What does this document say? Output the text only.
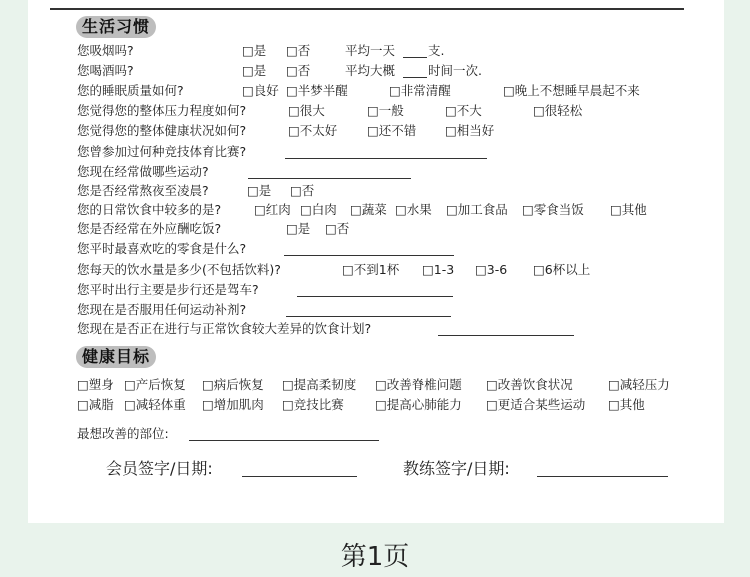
生活习惯
您吸烟吗?	□是 □否	平均一天	支.
您喝酒吗?	□是 □否	平均大概	时间一次.
您的睡眠质量如何?	□良好 □半梦半醒	□非常清醒	□晚上不想睡早晨起不来
您觉得您的整体压力程度如何?	□很大	□一般	□不大	□很轻松
您觉得您的整体健康状况如何?	□不太好 □还不错 □相当好
您曾参加过何种竞技体育比赛?
您现在经常做哪些运动?
您是否经常熬夜至凌晨?	□是 □否
您的日常饮食中较多的是?	□红肉 □白肉 □蔬菜 □水果 □加工食品 □零食当饭 □其他
您是否经常在外应酬吃饭?	□是 □否
您平时最喜欢吃的零食是什么?
您每天的饮水量是多少(不包括饮料)?	□不到1杯 □1-3 □3-6 □6杯以上
您平时出行主要是步行还是驾车?
您现在是否服用任何运动补剂?
您现在是否正在进行与正常饮食较大差异的饮食计划?
健康目标
□塑身 □产后恢复 □病后恢复 □提高柔韧度 □改善脊椎问题 □改善饮食状况	□减轻压力
□减脂 □减轻体重 □增加肌肉 □竞技比赛 □提高心肺能力 □更适合某些运动 □其他
最想改善的部位:
会员签字/日期:	教练签字/日期:
第1页
